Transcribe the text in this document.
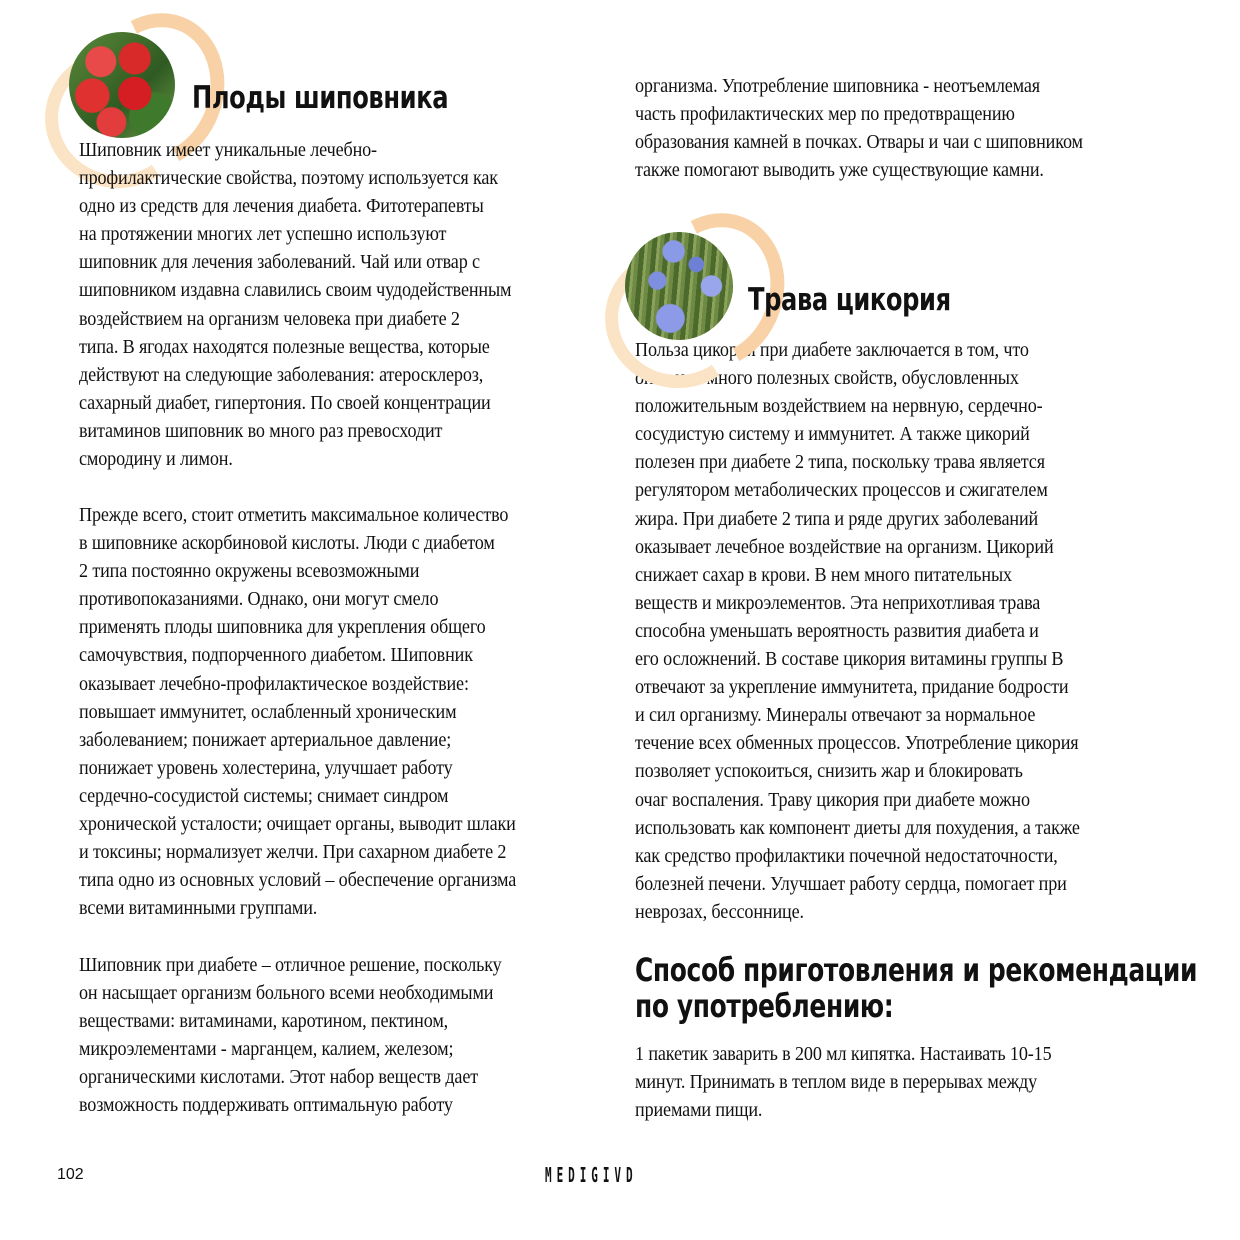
Плоды шиповника

Шиповник имеет уникальные лечебно-
профилактические свойства, поэтому используется как
одно из средств для лечения диабета. Фитотерапевты
на протяжении многих лет успешно используют
шиповник для лечения заболеваний. Чай или отвар с
шиповником издавна славились своим чудодейственным
воздействием на организм человека при диабете 2
типа. В ягодах находятся полезные вещества, которые
действуют на следующие заболевания: атеросклероз,
сахарный диабет, гипертония. По своей концентрации
витаминов шиповник во много раз превосходит
смородину и лимон.

Прежде всего, стоит отметить максимальное количество
в шиповнике аскорбиновой кислоты. Люди с диабетом
2 типа постоянно окружены всевозможными
противопоказаниями. Однако, они могут смело
применять плоды шиповника для укрепления общего
самочувствия, подпорченного диабетом. Шиповник
оказывает лечебно-профилактическое воздействие:
повышает иммунитет, ослабленный хроническим
заболеванием; понижает артериальное давление;
понижает уровень холестерина, улучшает работу
сердечно-сосудистой системы; снимает синдром
хронической усталости; очищает органы, выводит шлаки
и токсины; нормализует желчи. При сахарном диабете 2
типа одно из основных условий – обеспечение организма
всеми витаминными группами.

Шиповник при диабете – отличное решение, поскольку
он насыщает организм больного всеми необходимыми
веществами: витаминами, каротином, пектином,
микроэлементами - марганцем, калием, железом;
органическими кислотами. Этот набор веществ дает
возможность поддерживать оптимальную работу

организма. Употребление шиповника - неотъемлемая
часть профилактических мер по предотвращению
образования камней в почках. Отвары и чаи с шиповником
также помогают выводить уже существующие камни.

Польза цикория при диабете заключается в том, что
он имеет много полезных свойств, обусловленных
положительным воздействием на нервную, сердечно-
сосудистую систему и иммунитет. А также цикорий
полезен при диабете 2 типа, поскольку трава является
регулятором метаболических процессов и сжигателем
жира. При диабете 2 типа и ряде других заболеваний
оказывает лечебное воздействие на организм. Цикорий
снижает сахар в крови. В нем много питательных
веществ и микроэлементов. Эта неприхотливая трава
способна уменьшать вероятность развития диабета и
его осложнений. В составе цикория витамины группы В
отвечают за укрепление иммунитета, придание бодрости
и сил организму. Минералы отвечают за нормальное
течение всех обменных процессов. Употребление цикория
позволяет успокоиться, снизить жар и блокировать
очаг воспаления. Траву цикория при диабете можно
использовать как компонент диеты для похудения, а также
как средство профилактики почечной недостаточности,
болезней печени. Улучшает работу сердца, помогает при
неврозах, бессоннице.

Способ приготовления и рекомендации
по употреблению:

1 пакетик заварить в 200 мл кипятка. Настаивать 10-15
минут. Принимать в теплом виде в перерывах между
приемами пищи.

Трава цикория
102	MEDIGIVD
